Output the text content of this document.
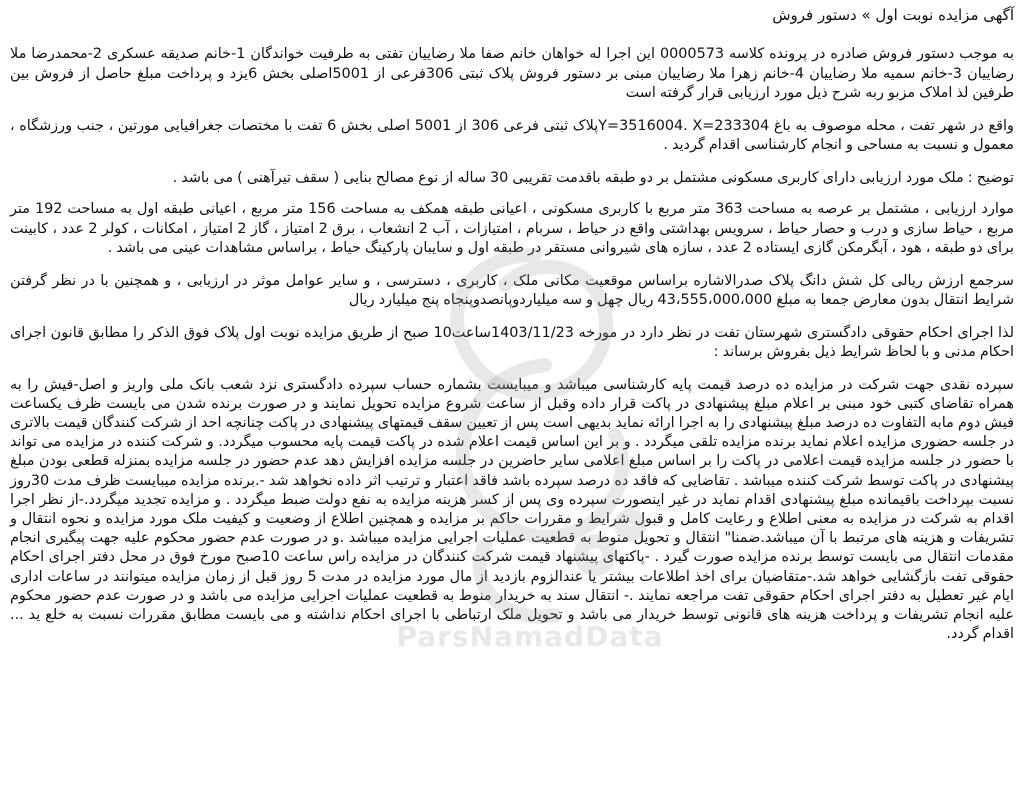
آگهی مزایده نوبت اول » دستور فروش

به موجب دستور فروش صادره در پرونده کلاسه 0000573 این اجرا له خواهان خانم صفا ملا رضاییان تفتی به طرفیت خواندگان 1-خانم صدیقه عسکری 2-محمدرضا ملا رضاییان 3-خانم سمیه ملا رضاییان 4-خانم زهرا ملا رضاییان مبنی بر دستور فروش پلاک ثبتی 306فرعی از 5001اصلی بخش 6یزد و پرداخت مبلغ حاصل از فروش بین طرفین لذ املاک مزبو ربه شرح ذیل مورد ارزیابی قرار گرفته است

واقع در شهر تفت ، محله موصوف به باغ Y=3516004. X=233304پلاک ثبتی فرعی 306 از 5001 اصلی بخش 6 تفت با مختصات جغرافیایی مورتین ، جنب ورزشگاه ، معمول و نسبت به مساحی و انجام کارشناسی اقدام گردید .

توضیح : ملک مورد ارزیابی دارای کاربری مسکونی مشتمل بر دو طبقه باقدمت تقریبی 30 ساله از نوع مصالح بنایی ( سقف تیرآهنی ) می باشد .

موارد ارزیابی ، مشتمل بر عرصه به مساحت 363 متر مربع با کاربری مسکونی ، اعیانی طبقه همکف به مساحت 156 متر مربع ، اعیانی طبقه اول به مساحت 192 متر مربع ، حیاط سازی و درب و حصار حیاط ، سرویس بهداشتی واقع در حیاط ، سربام ، امتیازات ، آب 2 انشعاب ، برق 2 امتیاز ، گاز 2 امتیاز ، امکانات ، کولر 2 عدد ، کابینت برای دو طبقه ، هود ، آبگرمکن گازی ایستاده 2 عدد ، سازه های شیروانی مستقر در طبقه اول و سایبان پارکینگ حیاط ، براساس مشاهدات عینی می باشد .

سرجمع ارزش ریالی کل شش دانگ پلاک صدرالاشاره براساس موقعیت مکانی ملک ، کاربری ، دسترسی ، و سایر عوامل موثر در ارزیابی ، و همچنین با در نظر گرفتن شرایط انتقال بدون معارض جمعا به مبلغ 43،555،000،000 ریال چهل و سه میلیاردوپانصدوپنجاه پنج میلیارد ریال

لذا اجرای احکام حقوقی دادگستری شهرستان تفت در نظر دارد در مورخه 1403/11/23ساعت10 صبح از طریق مزایده نوبت اول پلاک فوق الذکر را مطابق قانون اجرای احکام مدنی و با لحاظ شرایط ذیل بفروش برساند :

سپرده نقدی جهت شرکت در مزایده ده درصد قیمت پایه کارشناسی میباشد و میبایست بشماره حساب سپرده دادگستری نزد شعب بانک ملی واریز و اصل-فیش را به همراه تقاضای کتبی خود مبنی بر اعلام مبلغ پیشنهادی در پاکت قرار داده وقبل از ساعت شروع مزایده تحویل نمایند و در صورت برنده شدن می بایست ظرف یکساعت فیش دوم مابه التفاوت ده درصد مبلغ پیشنهادی را به اجرا ارائه نماید بدیهی است پس از تعیین سقف قیمتهای پیشنهادی در پاکت چنانچه احد از شرکت کنندگان قیمت بالاتری در جلسه حضوری مزایده اعلام نماید برنده مزایده تلقی میگردد . و بر این اساس قیمت اعلام شده در پاکت قیمت پایه محسوب میگردد. و شرکت کننده در مزایده می تواند با حضور در جلسه مزایده قیمت اعلامی در پاکت را بر اساس مبلغ اعلامی سایر حاضرین در جلسه مزایده افزایش دهد عدم حضور در جلسه مزایده بمنزله قطعی بودن مبلغ پیشنهادی در پاکت توسط شرکت کننده میباشد . تقاضایی که فاقد ده درصد سپرده باشد فاقد اعتبار و ترتیب اثر داده نخواهد شد -.برنده مزایده میبایست ظرف مدت 30روز نسبت بپرداخت باقیمانده مبلغ پیشنهادی اقدام نماید در غیر اینصورت سپرده وی پس از کسر هزینه مزایده به نفع دولت ضبط میگردد . و مزایده تجدید میگردد.-از نظر اجرا اقدام به شرکت در مزایده به معنی اطلاع و رعایت کامل و قبول شرایط و مقررات حاکم بر مزایده و همچنین اطلاع از وضعیت و کیفیت ملک مورد مزایده و نحوه انتقال و تشریفات و هزینه های مرتبط با آن میباشد.ضمنا" انتقال و تحویل منوط به قطعیت عملیات اجرایی مزایده میباشد .و در صورت عدم حضور محکوم علیه جهت پیگیری انجام مقدمات انتقال می بایست توسط برنده مزایده صورت گیرد . -پاکتهای پیشنهاد قیمت شرکت کنندگان در مزایده راس ساعت 10صبح مورخ فوق در محل دفتر اجرای احکام حقوقی تفت بازگشایی خواهد شد.-متقاضیان برای اخذ اطلاعات بیشتر یا عندالزوم بازدید از مال مورد مزایده در مدت 5 روز قبل از زمان مزایده میتوانند در ساعات اداری ایام غیر تعطیل به دفتر اجرای احکام حقوقی تفت مراجعه نمایند .- انتقال سند به خریدار منوط به قطعیت عملیات اجرایی مزایده می باشد و در صورت عدم حضور محکوم علیه انجام تشریفات و پرداخت هزینه های قانونی توسط خریدار می باشد و تحویل ملک ارتباطی با اجرای احکام نداشته و می بایست مطابق مقررات نسبت به خلع ید ... اقدام گردد.

ParsNamadData
